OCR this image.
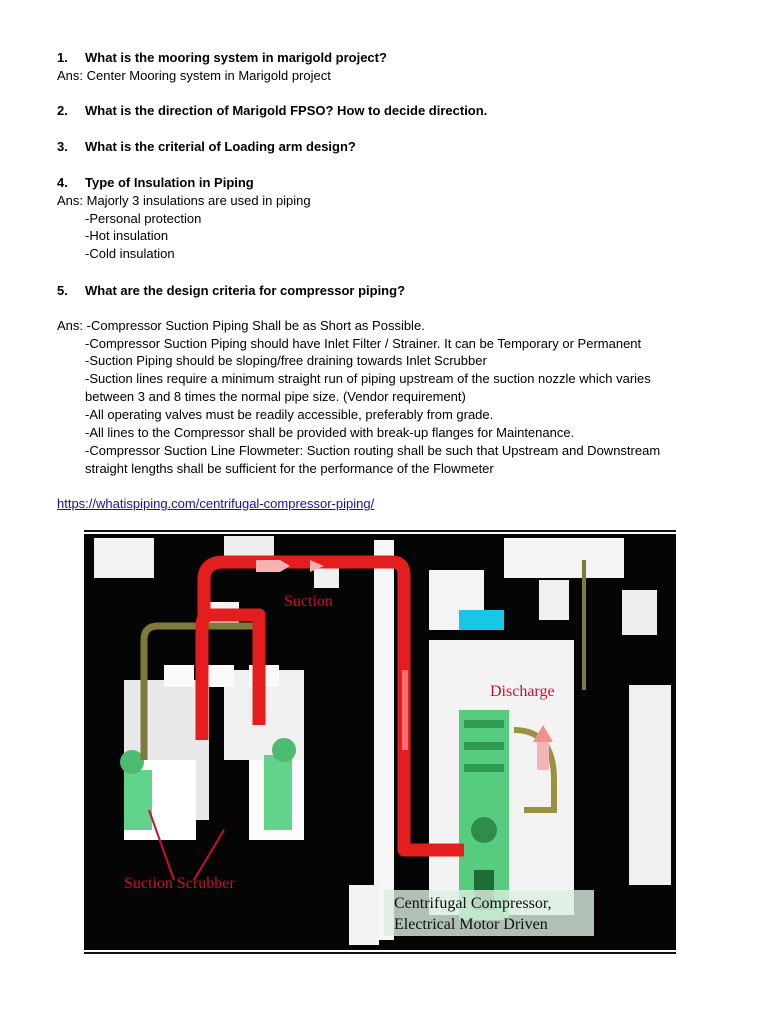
1. What is the mooring system in marigold project?
Ans: Center Mooring system in Marigold project
2. What is the direction of Marigold FPSO? How to decide direction.
3. What is the criterial of Loading arm design?
4. Type of Insulation in Piping
Ans: Majorly 3 insulations are used in piping
-Personal protection
-Hot insulation
-Cold insulation
5. What are the design criteria for compressor piping?
Ans: -Compressor Suction Piping Shall be as Short as Possible.
-Compressor Suction Piping should have Inlet Filter / Strainer. It can be Temporary or Permanent
-Suction Piping should be sloping/free draining towards Inlet Scrubber
-Suction lines require a minimum straight run of piping upstream of the suction nozzle which varies
between 3 and 8 times the normal pipe size. (Vendor requirement)
-All operating valves must be readily accessible, preferably from grade.
-All lines to the Compressor shall be provided with break-up flanges for Maintenance.
-Compressor Suction Line Flowmeter: Suction routing shall be such that Upstream and Downstream
straight lengths shall be sufficient for the performance of the Flowmeter
https://whatispiping.com/centrifugal-compressor-piping/
Suction
Discharge
Suction Scrubber
Centrifugal Compressor,
Electrical Motor Driven
